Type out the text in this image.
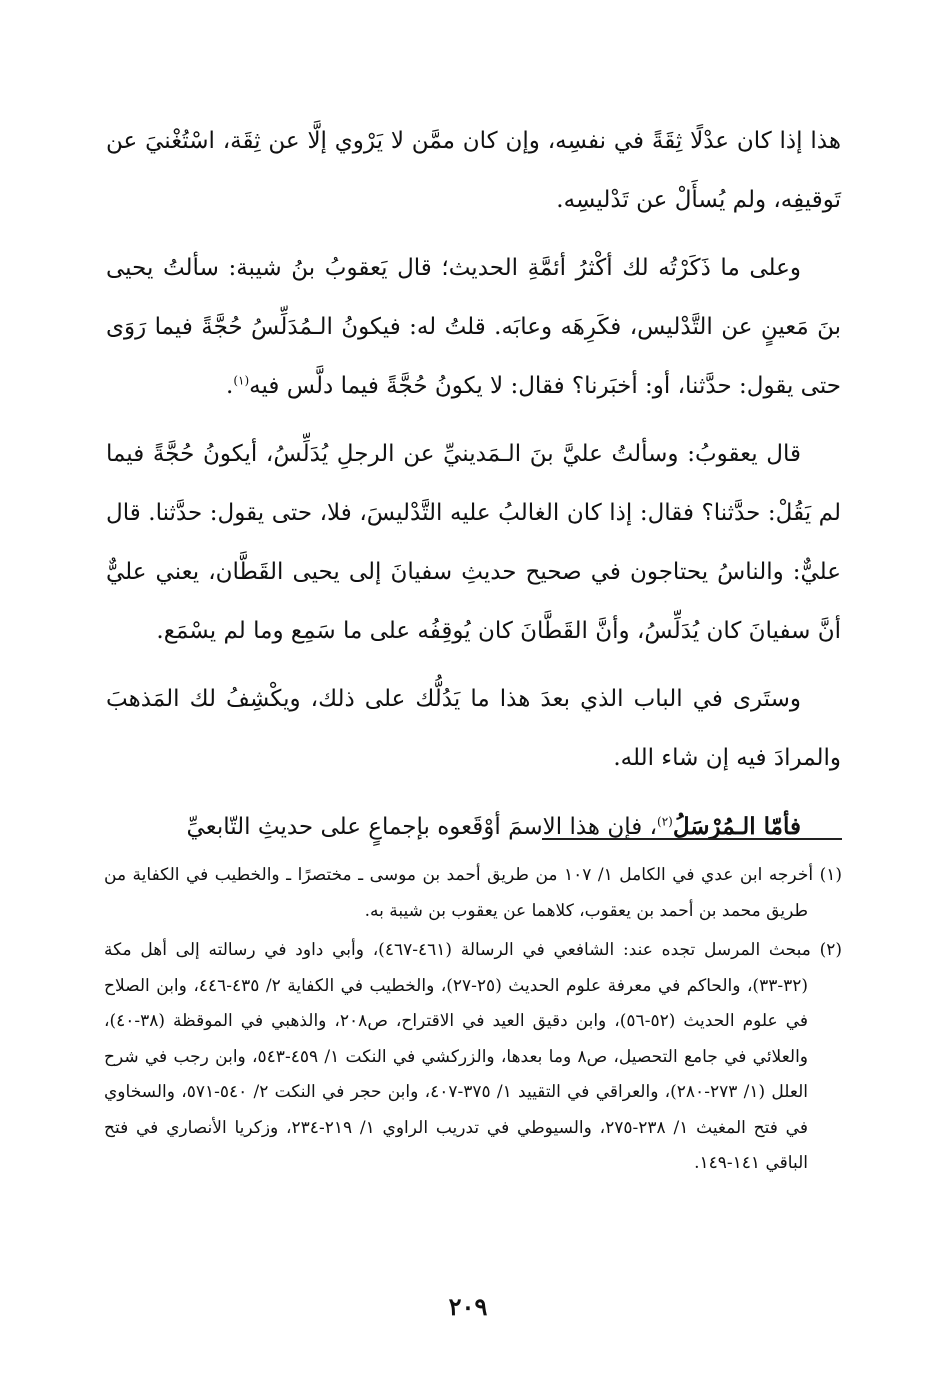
هذا إذا كان عدْلًا ثِقَةً في نفسِه، وإن كان ممَّن لا يَرْوي إلَّا عن ثِقَة، اسْتُغْنيَ عن تَوقيفِه، ولم يُسأَلْ عن تَدْليسِه.

وعلى ما ذَكَرْتُه لك أكْثرُ أئمَّةِ الحديث؛ قال يَعقوبُ بنُ شيبة: سألتُ يحيى بنَ مَعينٍ عن التَّدْليس، فكَرِهَه وعابَه. قلتُ له: فيكونُ الـمُدَلِّسُ حُجَّةً فيما رَوَى حتى يقول: حدَّثنا، أو: أخبَرنا؟ فقال: لا يكونُ حُجَّةً فيما دلَّس فيه$^{(١)}$.

قال يعقوبُ: وسألتُ عليَّ بنَ الـمَدينيِّ عن الرجلِ يُدَلِّسُ، أيكونُ حُجَّةً فيما لم يَقُلْ: حدَّثنا؟ فقال: إذا كان الغالبُ عليه التَّدْليسَ، فلا، حتى يقول: حدَّثنا. قال عليٌّ: والناسُ يحتاجون في صحيح حديثِ سفيانَ إلى يحيى القَطَّان، يعني عليٌّ أنَّ سفيانَ كان يُدَلِّسُ، وأنَّ القَطَّانَ كان يُوقِفُه على ما سَمِع وما لم يسْمَع.

وستَرى في الباب الذي بعدَ هذا ما يَدُلُّك على ذلك، ويكْشِفُ لك المَذهبَ والمرادَ فيه إن شاء الله.

فأمّا الـمُرْسَلُ$^{(٢)}$، فإن هذا الاسمَ أوْقَعوه بإجماعٍ على حديثِ التّابعيِّ

(١) أخرجه ابن عدي في الكامل ١/ ١٠٧ من طريق أحمد بن موسى ـ مختصرًا ـ والخطيب في الكفاية من طريق محمد بن أحمد بن يعقوب، كلاهما عن يعقوب بن شيبة به.

(٢) مبحث المرسل تجده عند: الشافعي في الرسالة (٤٦١-٤٦٧)، وأبي داود في رسالته إلى أهل مكة (٣٢-٣٣)، والحاكم في معرفة علوم الحديث (٢٥-٢٧)، والخطيب في الكفاية ٢/ ٤٣٥-٤٤٦، وابن الصلاح في علوم الحديث (٥٢-٥٦)، وابن دقيق العيد في الاقتراح، ص٢٠٨، والذهبي في الموقظة (٣٨-٤٠)، والعلائي في جامع التحصيل، ص٨ وما بعدها، والزركشي في النكت ١/ ٤٥٩-٥٤٣، وابن رجب في شرح العلل (١/ ٢٧٣-٢٨٠)، والعراقي في التقييد ١/ ٣٧٥-٤٠٧، وابن حجر في النكت ٢/ ٥٤٠-٥٧١، والسخاوي في فتح المغيث ١/ ٢٣٨-٢٧٥، والسيوطي في تدريب الراوي ١/ ٢١٩-٢٣٤، وزكريا الأنصاري في فتح الباقي ١٤١-١٤٩.

٢٠٩
